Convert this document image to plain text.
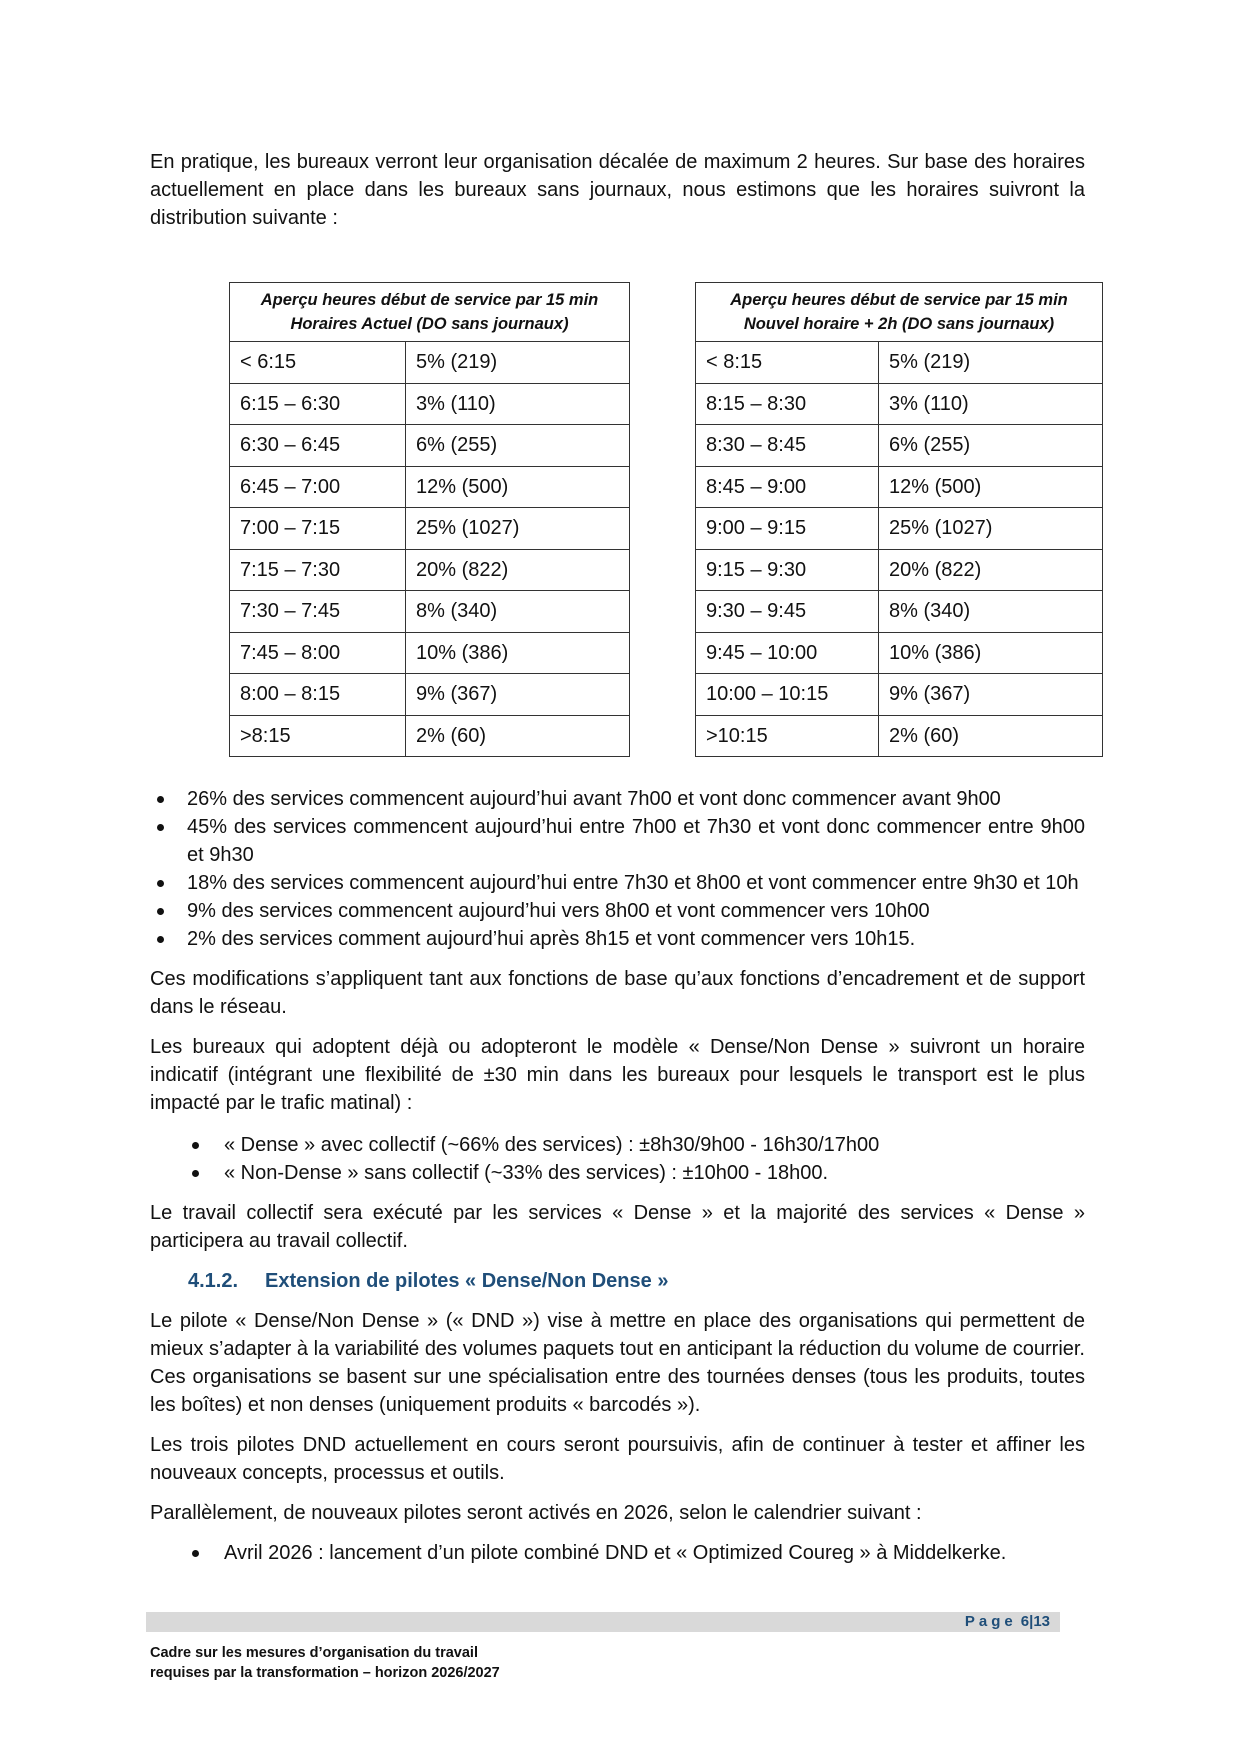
En pratique, les bureaux verront leur organisation décalée de maximum 2 heures. Sur base des horaires actuellement en place dans les bureaux sans journaux, nous estimons que les horaires suivront la distribution suivante :

Aperçu heures début de service par 15 min
Horaires Actuel (DO sans journaux)	
< 6:15	5% (219)
6:15 – 6:30	3% (110)
6:30 – 6:45	6% (255)
6:45 – 7:00	12% (500)
7:00 – 7:15	25% (1027)
7:15 – 7:30	20% (822)
7:30 – 7:45	8% (340)
7:45 – 8:00	10% (386)
8:00 – 8:15	9% (367)
>8:15	2% (60)
Aperçu heures début de service par 15 min
Nouvel horaire + 2h (DO sans journaux)	
< 8:15	5% (219)
8:15 – 8:30	3% (110)
8:30 – 8:45	6% (255)
8:45 – 9:00	12% (500)
9:00 – 9:15	25% (1027)
9:15 – 9:30	20% (822)
9:30 – 9:45	8% (340)
9:45 – 10:00	10% (386)
10:00 – 10:15	9% (367)
>10:15	2% (60)
26% des services commencent aujourd’hui avant 7h00 et vont donc commencer avant 9h00
45% des services commencent aujourd’hui entre 7h00 et 7h30 et vont donc commencer entre 9h00 et 9h30
18% des services commencent aujourd’hui entre 7h30 et 8h00 et vont commencer entre 9h30 et 10h
9% des services commencent aujourd’hui vers 8h00 et vont commencer vers 10h00
2% des services comment aujourd’hui après 8h15 et vont commencer vers 10h15.

Ces modifications s’appliquent tant aux fonctions de base qu’aux fonctions d’encadrement et de support dans le réseau.

Les bureaux qui adoptent déjà ou adopteront le modèle « Dense/Non Dense » suivront un horaire indicatif (intégrant une flexibilité de ±30 min dans les bureaux pour lesquels le transport est le plus impacté par le trafic matinal) :

« Dense » avec collectif (~66% des services) : ±8h30/9h00 - 16h30/17h00
« Non-Dense » sans collectif (~33% des services) : ±10h00 - 18h00.

Le travail collectif sera exécuté par les services « Dense » et la majorité des services « Dense » participera au travail collectif.

4.1.2. Extension de pilotes « Dense/Non Dense »

Le pilote « Dense/Non Dense » (« DND ») vise à mettre en place des organisations qui permettent de mieux s’adapter à la variabilité des volumes paquets tout en anticipant la réduction du volume de courrier. Ces organisations se basent sur une spécialisation entre des tournées denses (tous les produits, toutes les boîtes) et non denses (uniquement produits « barcodés »).

Les trois pilotes DND actuellement en cours seront poursuivis, afin de continuer à tester et affiner les nouveaux concepts, processus et outils.

Parallèlement, de nouveaux pilotes seront activés en 2026, selon le calendrier suivant :

Avril 2026 : lancement d’un pilote combiné DND et « Optimized Coureg » à Middelkerke.
Page 6|13
Cadre sur les mesures d’organisation du travail
requises par la transformation – horizon 2026/2027
